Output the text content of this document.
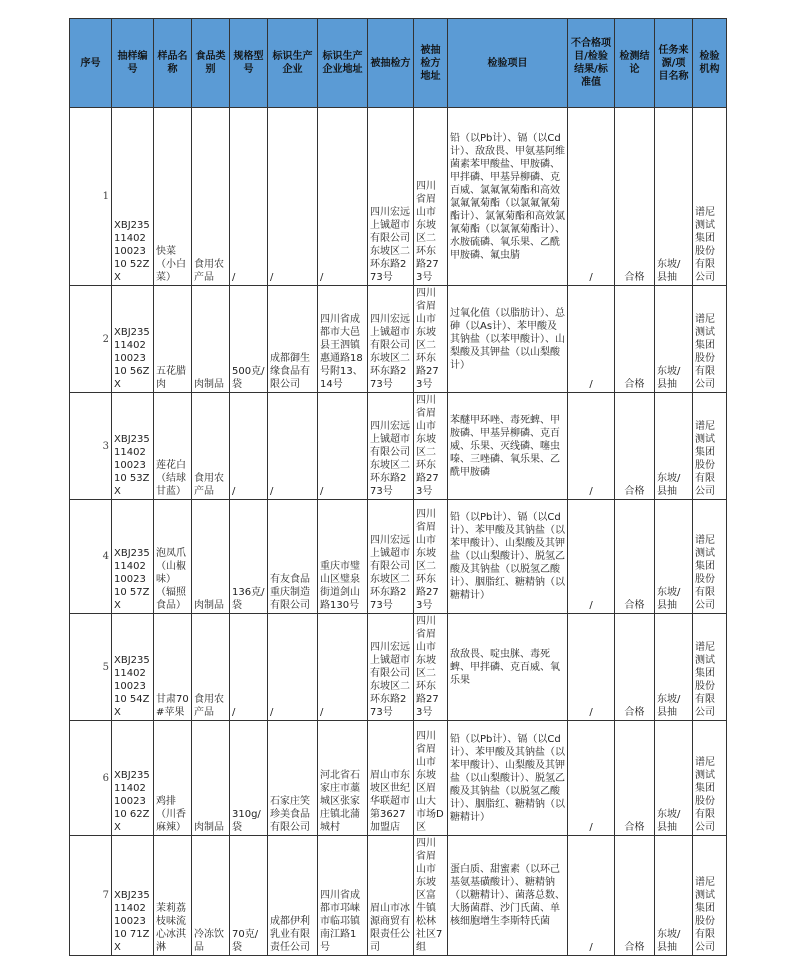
序号	抽样编号	样品名称	食品类别	规格型号	标识生产企业	标识生产企业地址	被抽检方	被抽检方地址	检验项目	不合格项目/检验结果/标准值	检测结论	任务来源/项目名称	检验机构
1	XBJ235114021002310 52ZX	快菜（小白菜）	食用农产品	/	/	/	四川宏远上铖超市有限公司东坡区二环东路273号	四川省眉山市东坡区二环东路273号	铅（以Pb计）、镉（以Cd计）、敌敌畏、甲氨基阿维菌素苯甲酸盐、甲胺磷、甲拌磷、甲基异柳磷、克百威、氯氟氰菊酯和高效氯氟氰菊酯（以氯氟氰菊酯计）、氯氰菊酯和高效氯氰菊酯（以氯氰菊酯计）、水胺硫磷、氧乐果、乙酰甲胺磷、氟虫腈	/	合格	东坡/县抽	谱尼测试集团股份有限公司
2	XBJ235114021002310 56ZX	五花腊肉	肉制品	500克/袋	成都御生缘食品有限公司	四川省成都市大邑县王泗镇惠通路18号附13、14号	四川宏远上铖超市有限公司东坡区二环东路273号	四川省眉山市东坡区二环东路273号	过氧化值（以脂肪计）、总砷（以As计）、苯甲酸及其钠盐（以苯甲酸计）、山梨酸及其钾盐（以山梨酸计）	/	合格	东坡/县抽	谱尼测试集团股份有限公司
3	XBJ235114021002310 53ZX	莲花白（结球甘蓝）	食用农产品	/	/	/	四川宏远上铖超市有限公司东坡区二环东路273号	四川省眉山市东坡区二环东路273号	苯醚甲环唑、毒死蜱、甲胺磷、甲基异柳磷、克百威、乐果、灭线磷、噻虫嗪、三唑磷、氧乐果、乙酰甲胺磷	/	合格	东坡/县抽	谱尼测试集团股份有限公司
4	XBJ235114021002310 57ZX	泡凤爪（山椒味）（辐照食品）	肉制品	136克/袋	有友食品重庆制造有限公司	重庆市璧山区璧泉街道剑山路130号	四川宏远上铖超市有限公司东坡区二环东路273号	四川省眉山市东坡区二环东路273号	铅（以Pb计）、镉（以Cd计）、苯甲酸及其钠盐（以苯甲酸计）、山梨酸及其钾盐（以山梨酸计）、脱氢乙酸及其钠盐（以脱氢乙酸计）、胭脂红、糖精钠（以糖精计）	/	合格	东坡/县抽	谱尼测试集团股份有限公司
5	XBJ235114021002310 54ZX	甘肃70#苹果	食用农产品	/	/	/	四川宏远上铖超市有限公司东坡区二环东路273号	四川省眉山市东坡区二环东路273号	敌敌畏、啶虫脒、毒死蜱、甲拌磷、克百威、氧乐果	/	合格	东坡/县抽	谱尼测试集团股份有限公司
6	XBJ235114021002310 62ZX	鸡排（川香麻辣）	肉制品	310g/袋	石家庄笑珍美食品有限公司	河北省石家庄市藁城区张家庄镇北蒲城村	眉山市东坡区世纪华联超市第3627加盟店	四川省眉山市东坡区眉山大市场D区	铅（以Pb计）、镉（以Cd计）、苯甲酸及其钠盐（以苯甲酸计）、山梨酸及其钾盐（以山梨酸计）、脱氢乙酸及其钠盐（以脱氢乙酸计）、胭脂红、糖精钠（以糖精计）	/	合格	东坡/县抽	谱尼测试集团股份有限公司
7	XBJ235114021002310 71ZX	茉莉荔枝味流心冰淇淋	冷冻饮品	70克/袋	成都伊利乳业有限责任公司	四川省成都市邛崃市临邛镇南江路1号	眉山市冰源商贸有限责任公司	四川省眉山市东坡区富牛镇松林社区7组	蛋白质、甜蜜素（以环己基氨基磺酸计）、糖精钠（以糖精计）、菌落总数、大肠菌群、沙门氏菌、单核细胞增生李斯特氏菌	/	合格	东坡/县抽	谱尼测试集团股份有限公司
